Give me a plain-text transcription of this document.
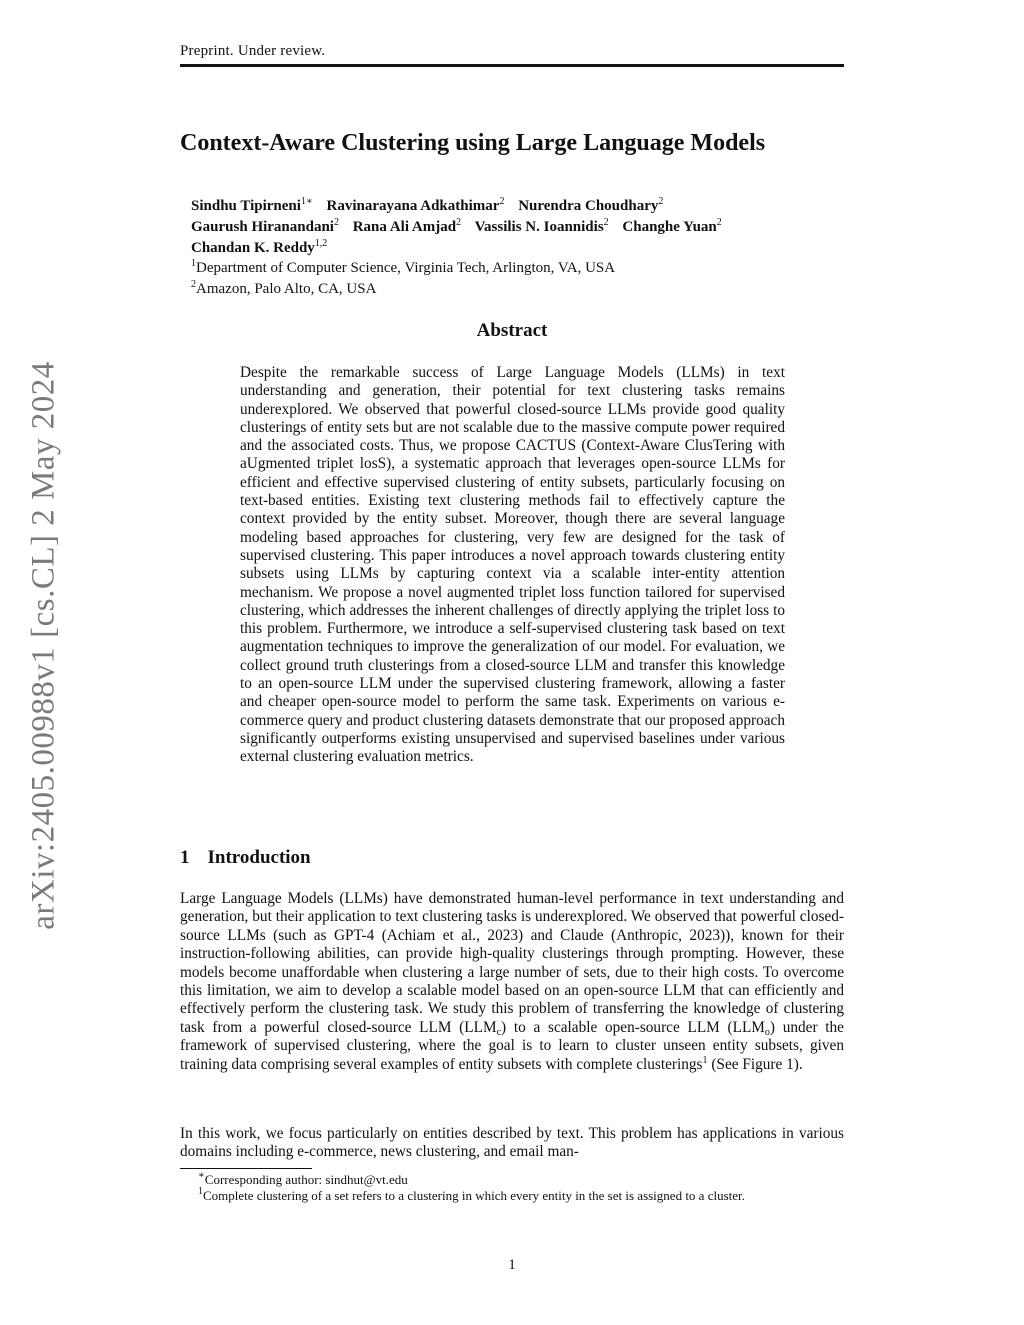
Preprint. Under review.
arXiv:2405.00988v1 [cs.CL] 2 May 2024
Context-Aware Clustering using Large Language Models
Sindhu Tipirneni$^{1∗}$ Ravinarayana Adkathimar$^2$ Nurendra Choudhary$^2$
Gaurush Hiranandani$^2$ Rana Ali Amjad$^2$ Vassilis N. Ioannidis$^2$ Changhe Yuan$^2$
Chandan K. Reddy$^{1,2}$
$^1$Department of Computer Science, Virginia Tech, Arlington, VA, USA
$^2$Amazon, Palo Alto, CA, USA
Abstract

Despite the remarkable success of Large Language Models (LLMs) in text understanding and generation, their potential for text clustering tasks remains underexplored. We observed that powerful closed-source LLMs provide good quality clusterings of entity sets but are not scalable due to the massive compute power required and the associated costs. Thus, we propose CACTUS (Context-Aware ClusTering with aUgmented triplet losS), a systematic approach that leverages open-source LLMs for efficient and effective supervised clustering of entity subsets, particularly focusing on text-based entities. Existing text clustering methods fail to effectively capture the context provided by the entity subset. Moreover, though there are several language modeling based approaches for clustering, very few are designed for the task of supervised clustering. This paper introduces a novel approach towards clustering entity subsets using LLMs by capturing context via a scalable inter-entity attention mechanism. We propose a novel augmented triplet loss function tailored for supervised clustering, which addresses the inherent challenges of directly applying the triplet loss to this problem. Furthermore, we introduce a self-supervised clustering task based on text augmentation techniques to improve the generalization of our model. For evaluation, we collect ground truth clusterings from a closed-source LLM and transfer this knowledge to an open-source LLM under the supervised clustering framework, allowing a faster and cheaper open-source model to perform the same task. Experiments on various e-commerce query and product clustering datasets demonstrate that our proposed approach significantly outperforms existing unsupervised and supervised baselines under various external clustering evaluation metrics.

1 Introduction

Large Language Models (LLMs) have demonstrated human-level performance in text understanding and generation, but their application to text clustering tasks is underexplored. We observed that powerful closed-source LLMs (such as GPT-4 (Achiam et al., 2023) and Claude (Anthropic, 2023)), known for their instruction-following abilities, can provide high-quality clusterings through prompting. However, these models become unaffordable when clustering a large number of sets, due to their high costs. To overcome this limitation, we aim to develop a scalable model based on an open-source LLM that can efficiently and effectively perform the clustering task. We study this problem of transferring the knowledge of clustering task from a powerful closed-source LLM $(LLM_c)$ to a scalable open-source LLM $(LLM_o)$ under the framework of supervised clustering, where the goal is to learn to cluster unseen entity subsets, given training data comprising several examples of entity subsets with complete clusterings$^1$ (See Figure 1).

In this work, we focus particularly on entities described by text. This problem has applications in various domains including e-commerce, news clustering, and email man-

∗Corresponding author: sindhut@vt.edu

$^1$Complete clustering of a set refers to a clustering in which every entity in the set is assigned to a cluster.

1
